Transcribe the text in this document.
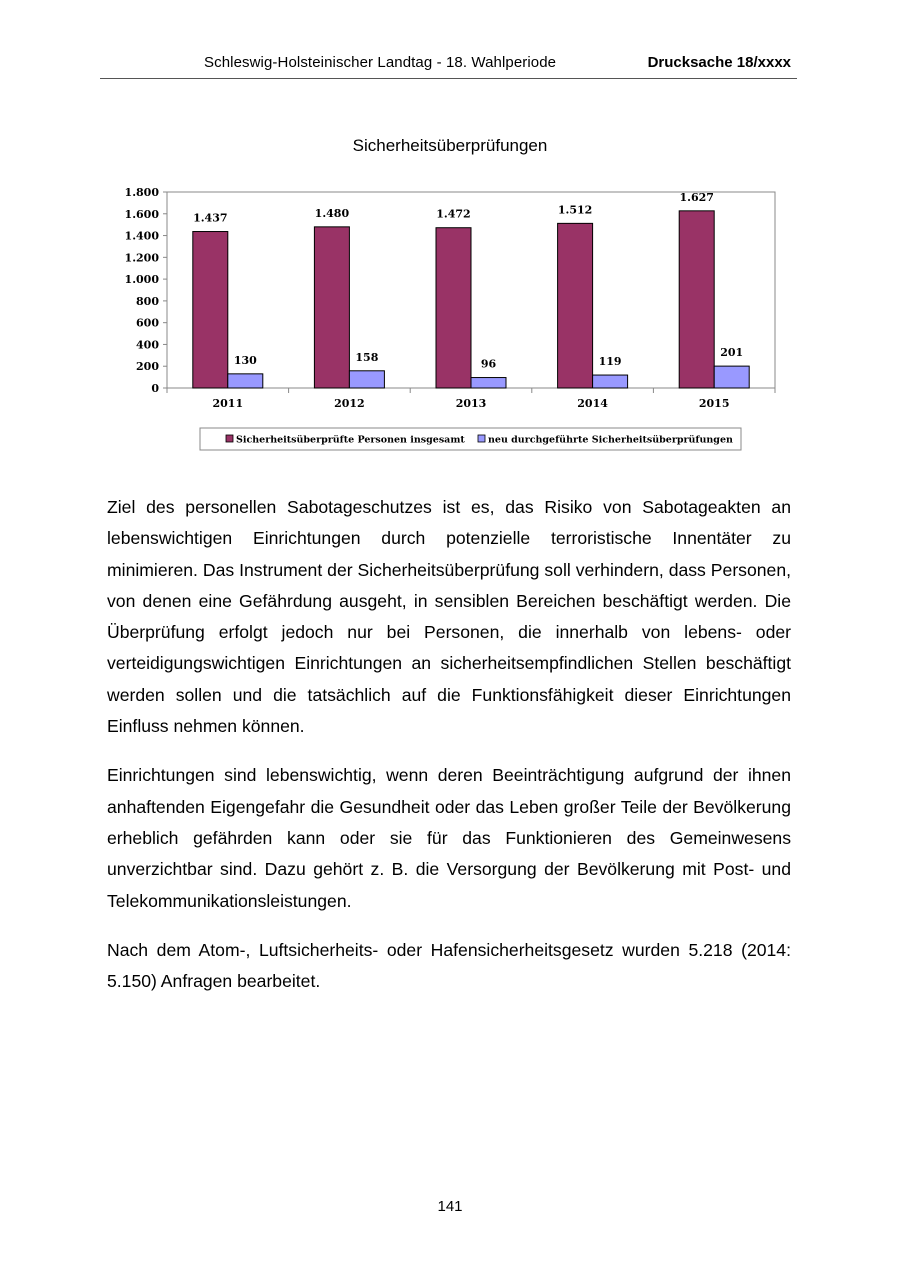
Schleswig-Holsteinischer Landtag - 18. Wahlperiode	Drucksache 18/xxxx
Sicherheitsüberprüfungen
0
200
400
600
800
1.000
1.200
1.400
1.600
1.800
2011
1.437
130
2012
1.480
158
2013
1.472
96
2014
1.512
119
2015
1.627
201
Sicherheitsüberprüfte Personen insgesamt neu durchgeführte Sicherheitsüberprüfungen

Ziel des personellen Sabotageschutzes ist es, das Risiko von Sabotageakten an lebenswichtigen Einrichtungen durch potenzielle terroristische Innentäter zu minimieren. Das Instrument der Sicherheitsüberprüfung soll verhindern, dass Personen, von denen eine Gefährdung ausgeht, in sensiblen Bereichen beschäftigt werden. Die Überprüfung erfolgt jedoch nur bei Personen, die innerhalb von lebens- oder verteidigungswichtigen Einrichtungen an sicherheitsempfindlichen Stellen beschäftigt werden sollen und die tatsächlich auf die Funktionsfähigkeit dieser Einrichtungen Einfluss nehmen können.

Einrichtungen sind lebenswichtig, wenn deren Beeinträchtigung aufgrund der ihnen anhaftenden Eigengefahr die Gesundheit oder das Leben großer Teile der Bevölkerung erheblich gefährden kann oder sie für das Funktionieren des Gemeinwesens unverzichtbar sind. Dazu gehört z. B. die Versorgung der Bevölkerung mit Post- und Telekommunikationsleistungen.

Nach dem Atom-, Luftsicherheits- oder Hafensicherheitsgesetz wurden 5.218 (2014: 5.150) Anfragen bearbeitet.

141
